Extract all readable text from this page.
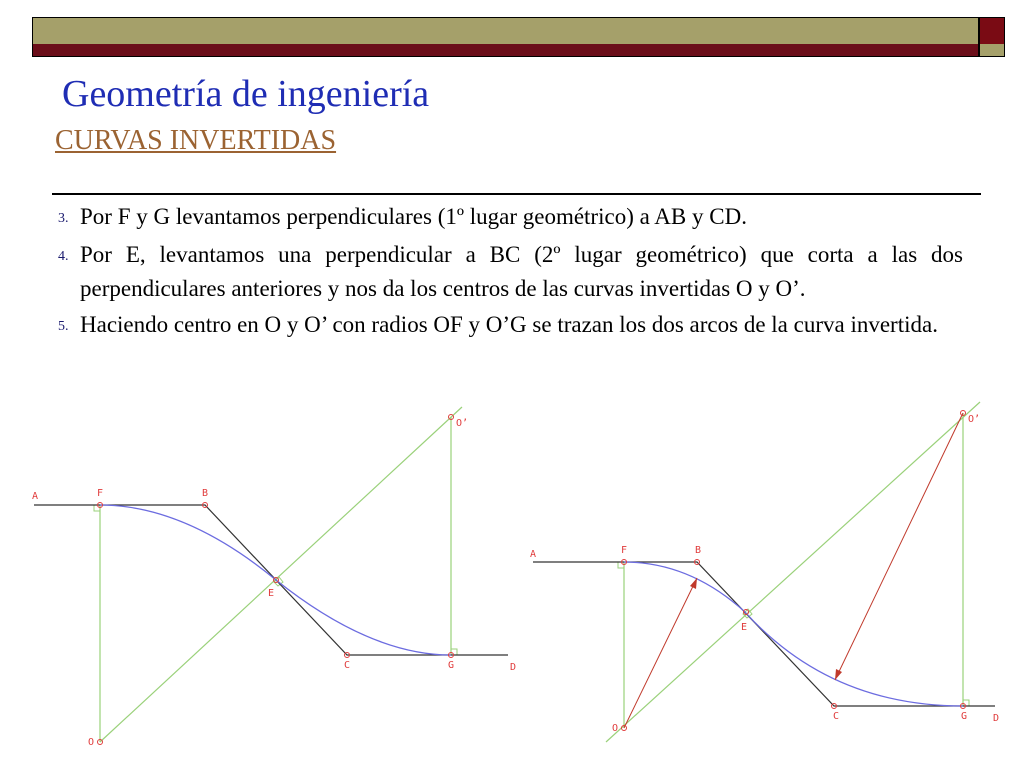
Geometría de ingeniería
CURVAS INVERTIDAS
3. Por F y G levantamos perpendiculares (1º lugar geométrico) a AB y CD.
4. Por E, levantamos una perpendicular a BC (2º lugar geométrico) que corta a las dos perpendiculares anteriores y nos da los centros de las curvas invertidas O y O’.
5. Haciendo centro en O y O’ con radios OF y O’G se trazan los dos arcos de la curva invertida.
A	F	B
E
C	G	D
O
O’
A	F	B
E
C	G	D
O
O’
